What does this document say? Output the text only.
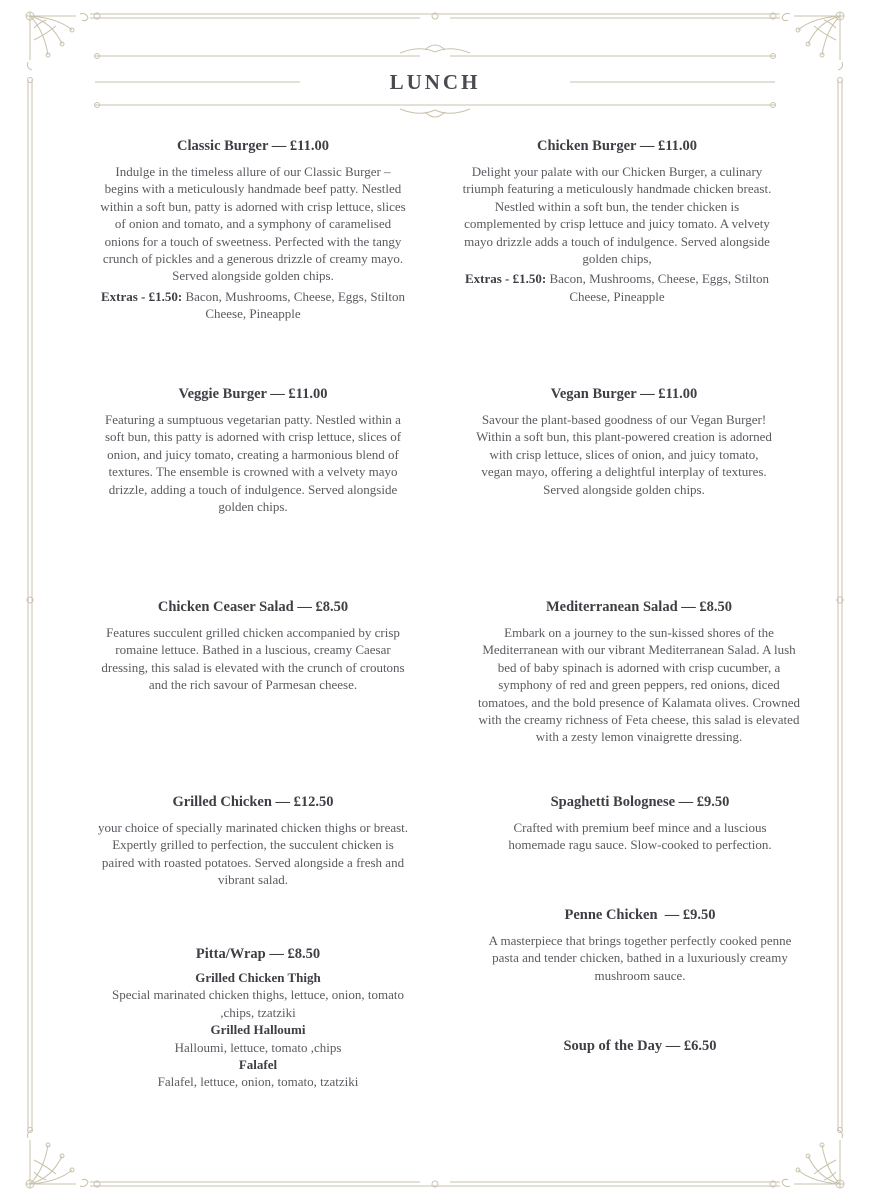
LUNCH

Classic Burger — £11.00

Indulge in the timeless allure of our Classic Burger – begins with a meticulously handmade beef patty. Nestled within a soft bun, patty is adorned with crisp lettuce, slices of onion and tomato, and a symphony of caramelised onions for a touch of sweetness. Perfected with the tangy crunch of pickles and a generous drizzle of creamy mayo. Served alongside golden chips.

Extras - £1.50: Bacon, Mushrooms, Cheese, Eggs, Stilton Cheese, Pineapple

Veggie Burger — £11.00

Featuring a sumptuous vegetarian patty. Nestled within a soft bun, this patty is adorned with crisp lettuce, slices of onion, and juicy tomato, creating a harmonious blend of textures. The ensemble is crowned with a velvety mayo drizzle, adding a touch of indulgence. Served alongside golden chips.

Chicken Ceaser Salad — £8.50

Features succulent grilled chicken accompanied by crisp romaine lettuce. Bathed in a luscious, creamy Caesar dressing, this salad is elevated with the crunch of croutons and the rich savour of Parmesan cheese.

Grilled Chicken — £12.50

your choice of specially marinated chicken thighs or breast. Expertly grilled to perfection, the succulent chicken is paired with roasted potatoes. Served alongside a fresh and vibrant salad.

Pitta/Wrap — £8.50

Grilled Chicken Thigh

Special marinated chicken thighs, lettuce, onion, tomato ,chips, tzatziki

Grilled Halloumi

Halloumi, lettuce, tomato ,chips

Falafel

Falafel, lettuce, onion, tomato, tzatziki

Chicken Burger — £11.00

Delight your palate with our Chicken Burger, a culinary triumph featuring a meticulously handmade chicken breast. Nestled within a soft bun, the tender chicken is complemented by crisp lettuce and juicy tomato. A velvety mayo drizzle adds a touch of indulgence. Served alongside golden chips,

Extras - £1.50: Bacon, Mushrooms, Cheese, Eggs, Stilton Cheese, Pineapple

Vegan Burger — £11.00

Savour the plant-based goodness of our Vegan Burger! Within a soft bun, this plant-powered creation is adorned with crisp lettuce, slices of onion, and juicy tomato, vegan mayo, offering a delightful interplay of textures. Served alongside golden chips.

Mediterranean Salad — £8.50

Embark on a journey to the sun-kissed shores of the Mediterranean with our vibrant Mediterranean Salad. A lush bed of baby spinach is adorned with crisp cucumber, a symphony of red and green peppers, red onions, diced tomatoes, and the bold presence of Kalamata olives. Crowned with the creamy richness of Feta cheese, this salad is elevated with a zesty lemon vinaigrette dressing.

Spaghetti Bolognese — £9.50

Crafted with premium beef mince and a luscious homemade ragu sauce. Slow-cooked to perfection.

Penne Chicken  — £9.50

A masterpiece that brings together perfectly cooked penne pasta and tender chicken, bathed in a luxuriously creamy mushroom sauce.

Soup of the Day — £6.50
